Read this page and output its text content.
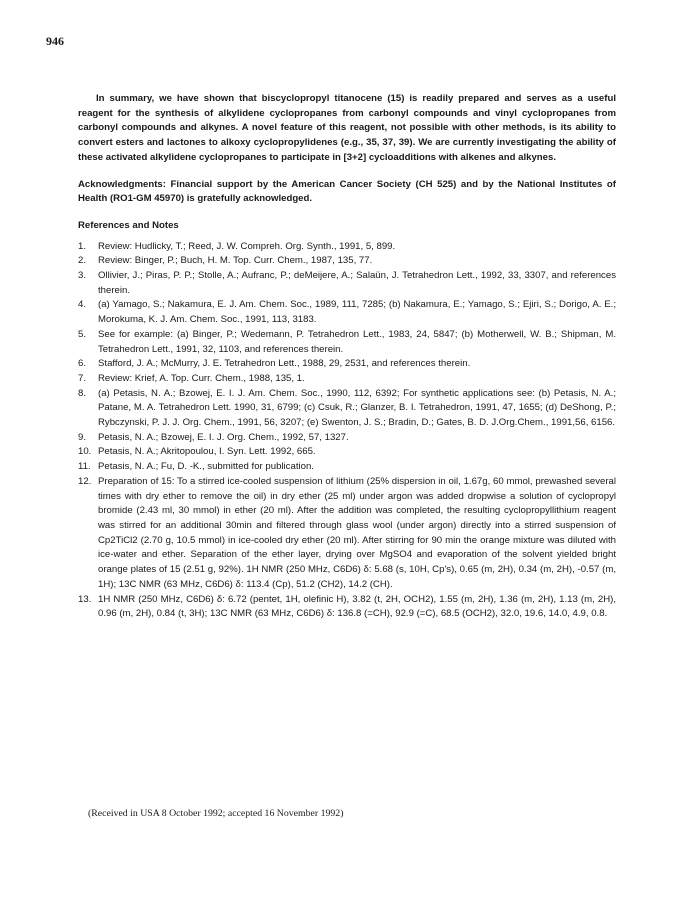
946

In summary, we have shown that biscyclopropyl titanocene (15) is readily prepared and serves as a useful reagent for the synthesis of alkylidene cyclopropanes from carbonyl compounds and vinyl cyclopropanes from carbonyl compounds and alkynes. A novel feature of this reagent, not possible with other methods, is its ability to convert esters and lactones to alkoxy cyclopropylidenes (e.g., 35, 37, 39). We are currently investigating the ability of these activated alkylidene cyclopropanes to participate in [3+2] cycloadditions with alkenes and alkynes.

Acknowledgments: Financial support by the American Cancer Society (CH 525) and by the National Institutes of Health (RO1-GM 45970) is gratefully acknowledged.

References and Notes
1.	Review: Hudlicky, T.; Reed, J. W. Compreh. Org. Synth., 1991, 5, 899.
2.	Review: Binger, P.; Buch, H. M. Top. Curr. Chem., 1987, 135, 77.
3.	Ollivier, J.; Piras, P. P.; Stolle, A.; Aufranc, P.; deMeijere, A.; Salaün, J. Tetrahedron Lett., 1992, 33, 3307, and references therein.
4.	(a) Yamago, S.; Nakamura, E. J. Am. Chem. Soc., 1989, 111, 7285; (b) Nakamura, E.; Yamago, S.; Ejiri, S.; Dorigo, A. E.; Morokuma, K. J. Am. Chem. Soc., 1991, 113, 3183.
5.	See for example: (a) Binger, P.; Wedemann, P. Tetrahedron Lett., 1983, 24, 5847; (b) Motherwell, W. B.; Shipman, M. Tetrahedron Lett., 1991, 32, 1103, and references therein.
6.	Stafford, J. A.; McMurry, J. E. Tetrahedron Lett., 1988, 29, 2531, and references therein.
7.	Review: Krief, A. Top. Curr. Chem., 1988, 135, 1.
8.	(a) Petasis, N. A.; Bzowej, E. I. J. Am. Chem. Soc., 1990, 112, 6392; For synthetic applications see: (b) Petasis, N. A.; Patane, M. A. Tetrahedron Lett. 1990, 31, 6799; (c) Csuk, R.; Glanzer, B. I. Tetrahedron, 1991, 47, 1655; (d) DeShong, P.; Rybczynski, P. J. J. Org. Chem., 1991, 56, 3207; (e) Swenton, J. S.; Bradin, D.; Gates, B. D. J.Org.Chem., 1991,56, 6156.
9.	Petasis, N. A.; Bzowej, E. I. J. Org. Chem., 1992, 57, 1327.
10. Petasis, N. A.; Akritopoulou, I. Syn. Lett. 1992, 665.
11. Petasis, N. A.; Fu, D. -K., submitted for publication.
12. Preparation of 15: To a stirred ice-cooled suspension of lithium (25% dispersion in oil, 1.67g, 60 mmol, prewashed several times with dry ether to remove the oil) in dry ether (25 ml) under argon was added dropwise a solution of cyclopropyl bromide (2.43 ml, 30 mmol) in ether (20 ml). After the addition was completed, the resulting cyclopropyllithium reagent was stirred for an additional 30min and filtered through glass wool (under argon) directly into a stirred suspension of Cp2TiCl2 (2.70 g, 10.5 mmol) in ice-cooled dry ether (20 ml). After stirring for 90 min the orange mixture was diluted with ice-water and ether. Separation of the ether layer, drying over MgSO4 and evaporation of the solvent yielded bright orange plates of 15 (2.51 g, 92%). 1H NMR (250 MHz, C6D6) δ: 5.68 (s, 10H, Cp's), 0.65 (m, 2H), 0.34 (m, 2H), -0.57 (m, 1H); 13C NMR (63 MHz, C6D6) δ: 113.4 (Cp), 51.2 (CH2), 14.2 (CH).
13. 1H NMR (250 MHz, C6D6) δ: 6.72 (pentet, 1H, olefinic H), 3.82 (t, 2H, OCH2), 1.55 (m, 2H), 1.36 (m, 2H), 1.13 (m, 2H), 0.96 (m, 2H), 0.84 (t, 3H); 13C NMR (63 MHz, C6D6) δ: 136.8 (=CH), 92.9 (=C), 68.5 (OCH2), 32.0, 19.6, 14.0, 4.9, 0.8.
(Received in USA 8 October 1992; accepted 16 November 1992)
